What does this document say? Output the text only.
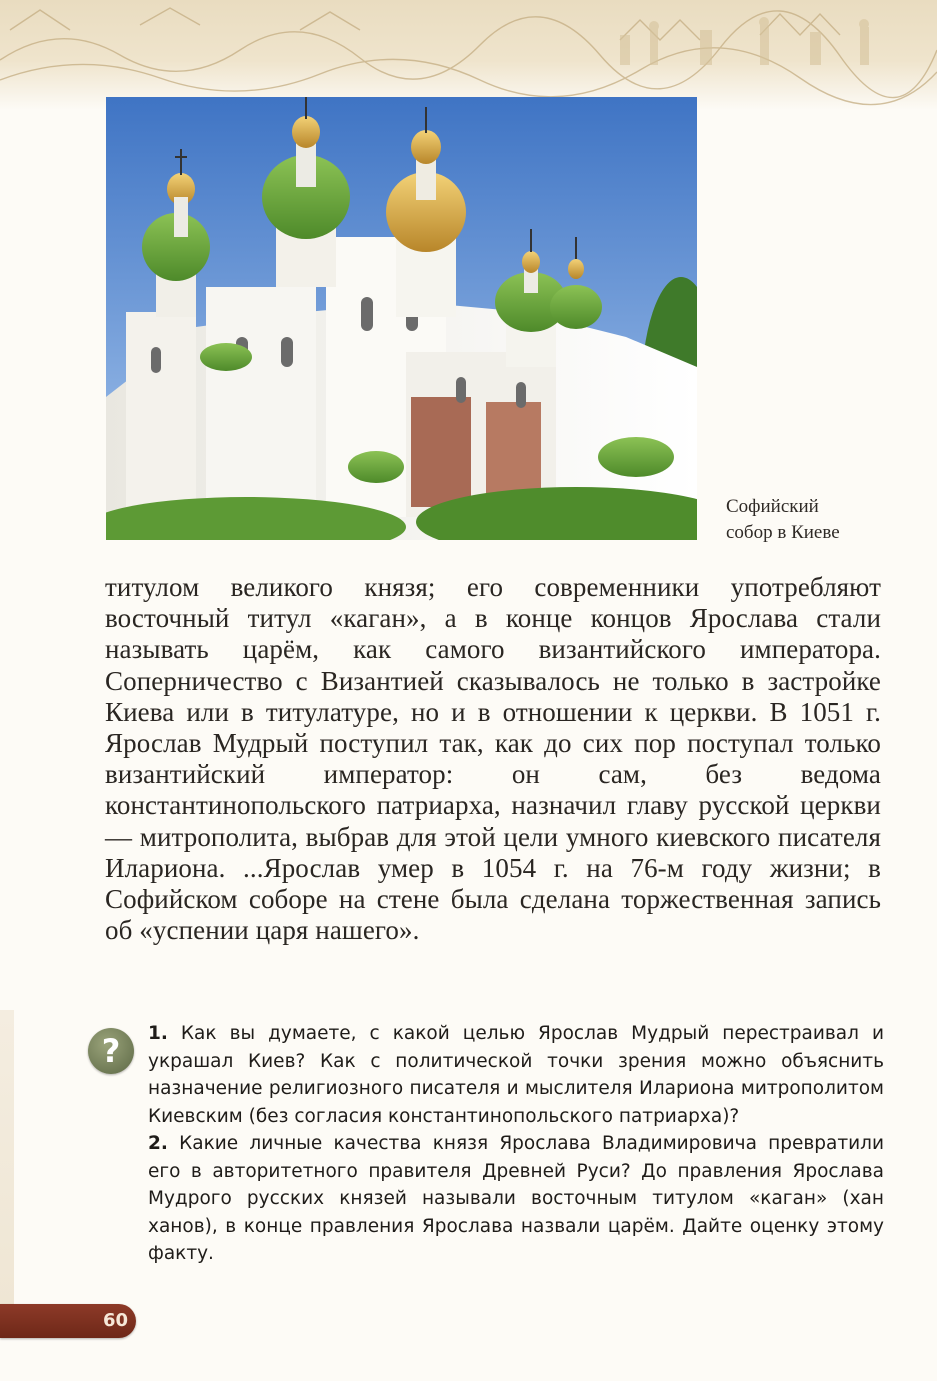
Софийский
собор в Киеве

титулом великого князя; его современники употребляют восточный титул «каган», а в конце концов Ярослава стали называть царём, как самого византийского императора. Соперничество с Византией сказывалось не только в застройке Киева или в титулатуре, но и в отношении к церкви. В 1051 г. Ярослав Мудрый поступил так, как до сих пор поступал только византийский император: он сам, без ведома константинопольского патриарха, назначил главу русской церкви — митрополита, выбрав для этой цели умного киевского писателя Илариона. ...Ярослав умер в 1054 г. на 76-м году жизни; в Софийском соборе на стене была сделана торжественная запись об «успении царя нашего».

?	1. Как вы думаете, с какой целью Ярослав Мудрый перестраивал и украшал Киев? Как с политической точки зрения можно объяснить назначение религиозного писателя и мыслителя Илариона митрополитом Киевским (без согласия константинопольского патриарха)?

2. Какие личные качества князя Ярослава Владимировича превратили его в авторитетного правителя Древней Руси? До правления Ярослава Мудрого русских князей называли восточным титулом «каган» (хан ханов), в конце правления Ярослава назвали царём. Дайте оценку этому факту.

60
